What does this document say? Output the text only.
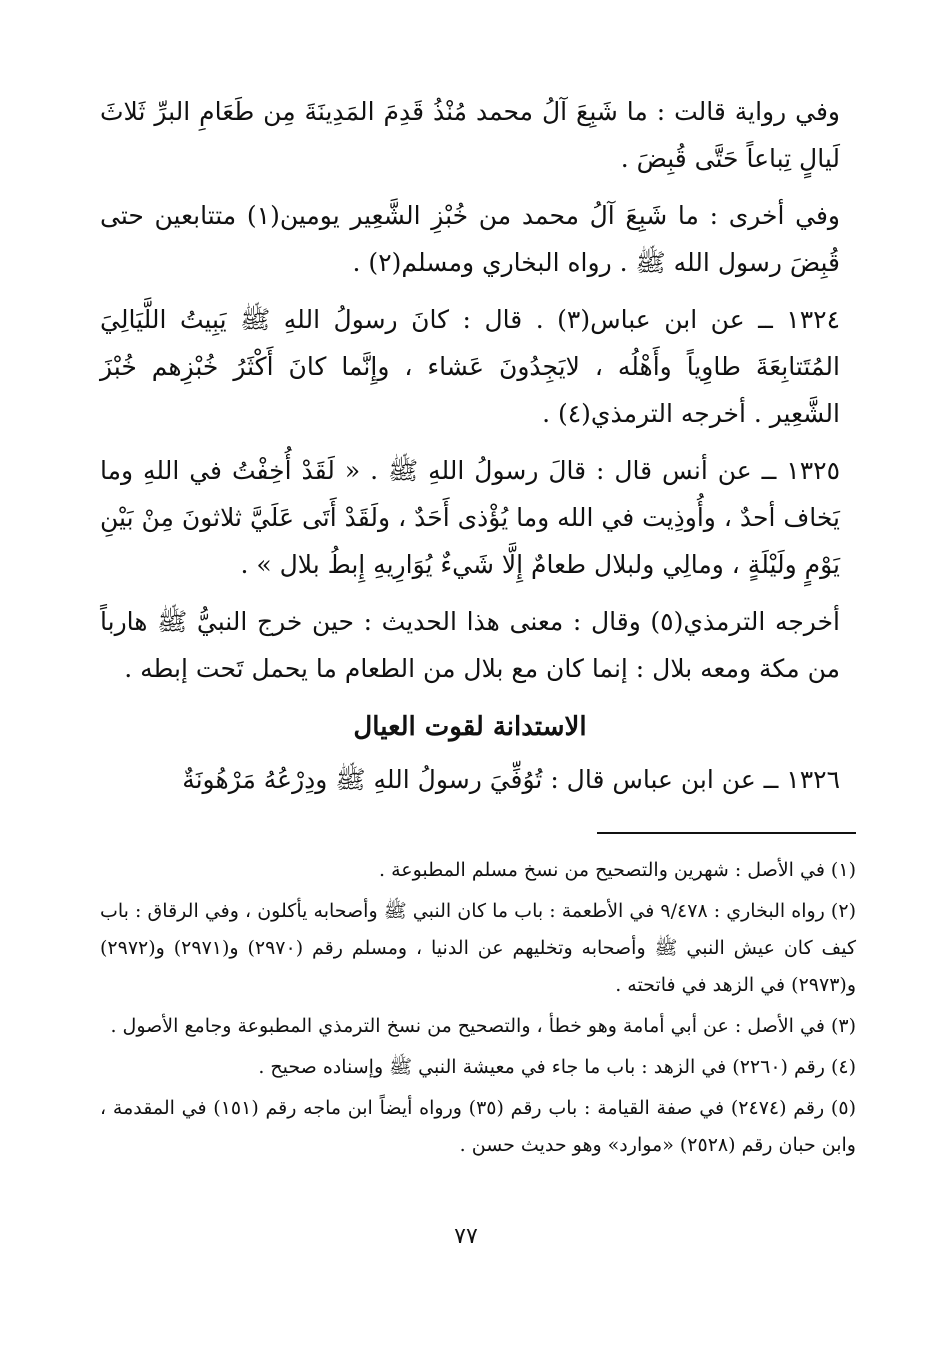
وفي رواية قالت : ما شَبِعَ آلُ محمد مُنْذُ قَدِمَ المَدِينَةَ مِن طَعَامِ البرِّ ثَلاثَ لَيالٍ تِباعاً حَتَّى قُبِضَ .

وفي أخرى : ما شَبِعَ آلُ محمد من خُبْزِ الشَّعِير يومين(١) متتابعين حتى قُبِضَ رسول الله ﷺ . رواه البخاري ومسلم(٢) .

١٣٢٤ ــ عن ابن عباس(٣) . قال : كانَ رسولُ اللهِ ﷺ يَبِيتُ اللَّيَالِيَ المُتَتابِعَةَ طاوِياً وأَهْلُه ، لايَجِدُونَ عَشاء ، وإِنَّما كانَ أَكْثَرُ خُبْزِهم خُبْزَ الشَّعِير . أخرجه الترمذي(٤) .

١٣٢٥ ــ عن أنس قال : قالَ رسولُ اللهِ ﷺ . « لَقَدْ أُخِفْتُ في اللهِ وما يَخاف أحدٌ ، وأُوذِيت في الله وما يُؤْذى أَحَدٌ ، ولَقَدْ أَتَى عَلَيَّ ثلاثونَ مِنْ بَيْنِ يَوْمٍ ولَيْلَةٍ ، ومالِي ولبلال طعامٌ إِلَّا شَيءٌ يُوَارِيهِ إِبطُ بلال » .

أخرجه الترمذي(٥) وقال : معنى هذا الحديث : حين خرج النبيُّ ﷺ هارباً من مكة ومعه بلال : إنما كان مع بلال من الطعام ما يحمل تَحت إبطه .

الاستدانة لقوت العيال

١٣٢٦ ــ عن ابن عباس قال : تُوُفِّيَ رسولُ اللهِ ﷺ ودِرْعُهُ مَرْهُونَةٌ

(١) في الأصل : شهرين والتصحيح من نسخ مسلم المطبوعة .

(٢) رواه البخاري : ٩/٤٧٨ في الأطعمة : باب ما كان النبي ﷺ وأصحابه يأكلون ، وفي الرقاق : باب كيف كان عيش النبي ﷺ وأصحابه وتخليهم عن الدنيا ، ومسلم رقم (٢٩٧٠) و(٢٩٧١) و(٢٩٧٢) و(٢٩٧٣) في الزهد في فاتحته .

(٣) في الأصل : عن أبي أمامة وهو خطأ ، والتصحيح من نسخ الترمذي المطبوعة وجامع الأصول .

(٤) رقم (٢٢٦٠) في الزهد : باب ما جاء في معيشة النبي ﷺ وإسناده صحيح .

(٥) رقم (٢٤٧٤) في صفة القيامة : باب رقم (٣٥) ورواه أيضاً ابن ماجه رقم (١٥١) في المقدمة ، وابن حبان رقم (٢٥٢٨) «موارد» وهو حديث حسن .

٧٧
